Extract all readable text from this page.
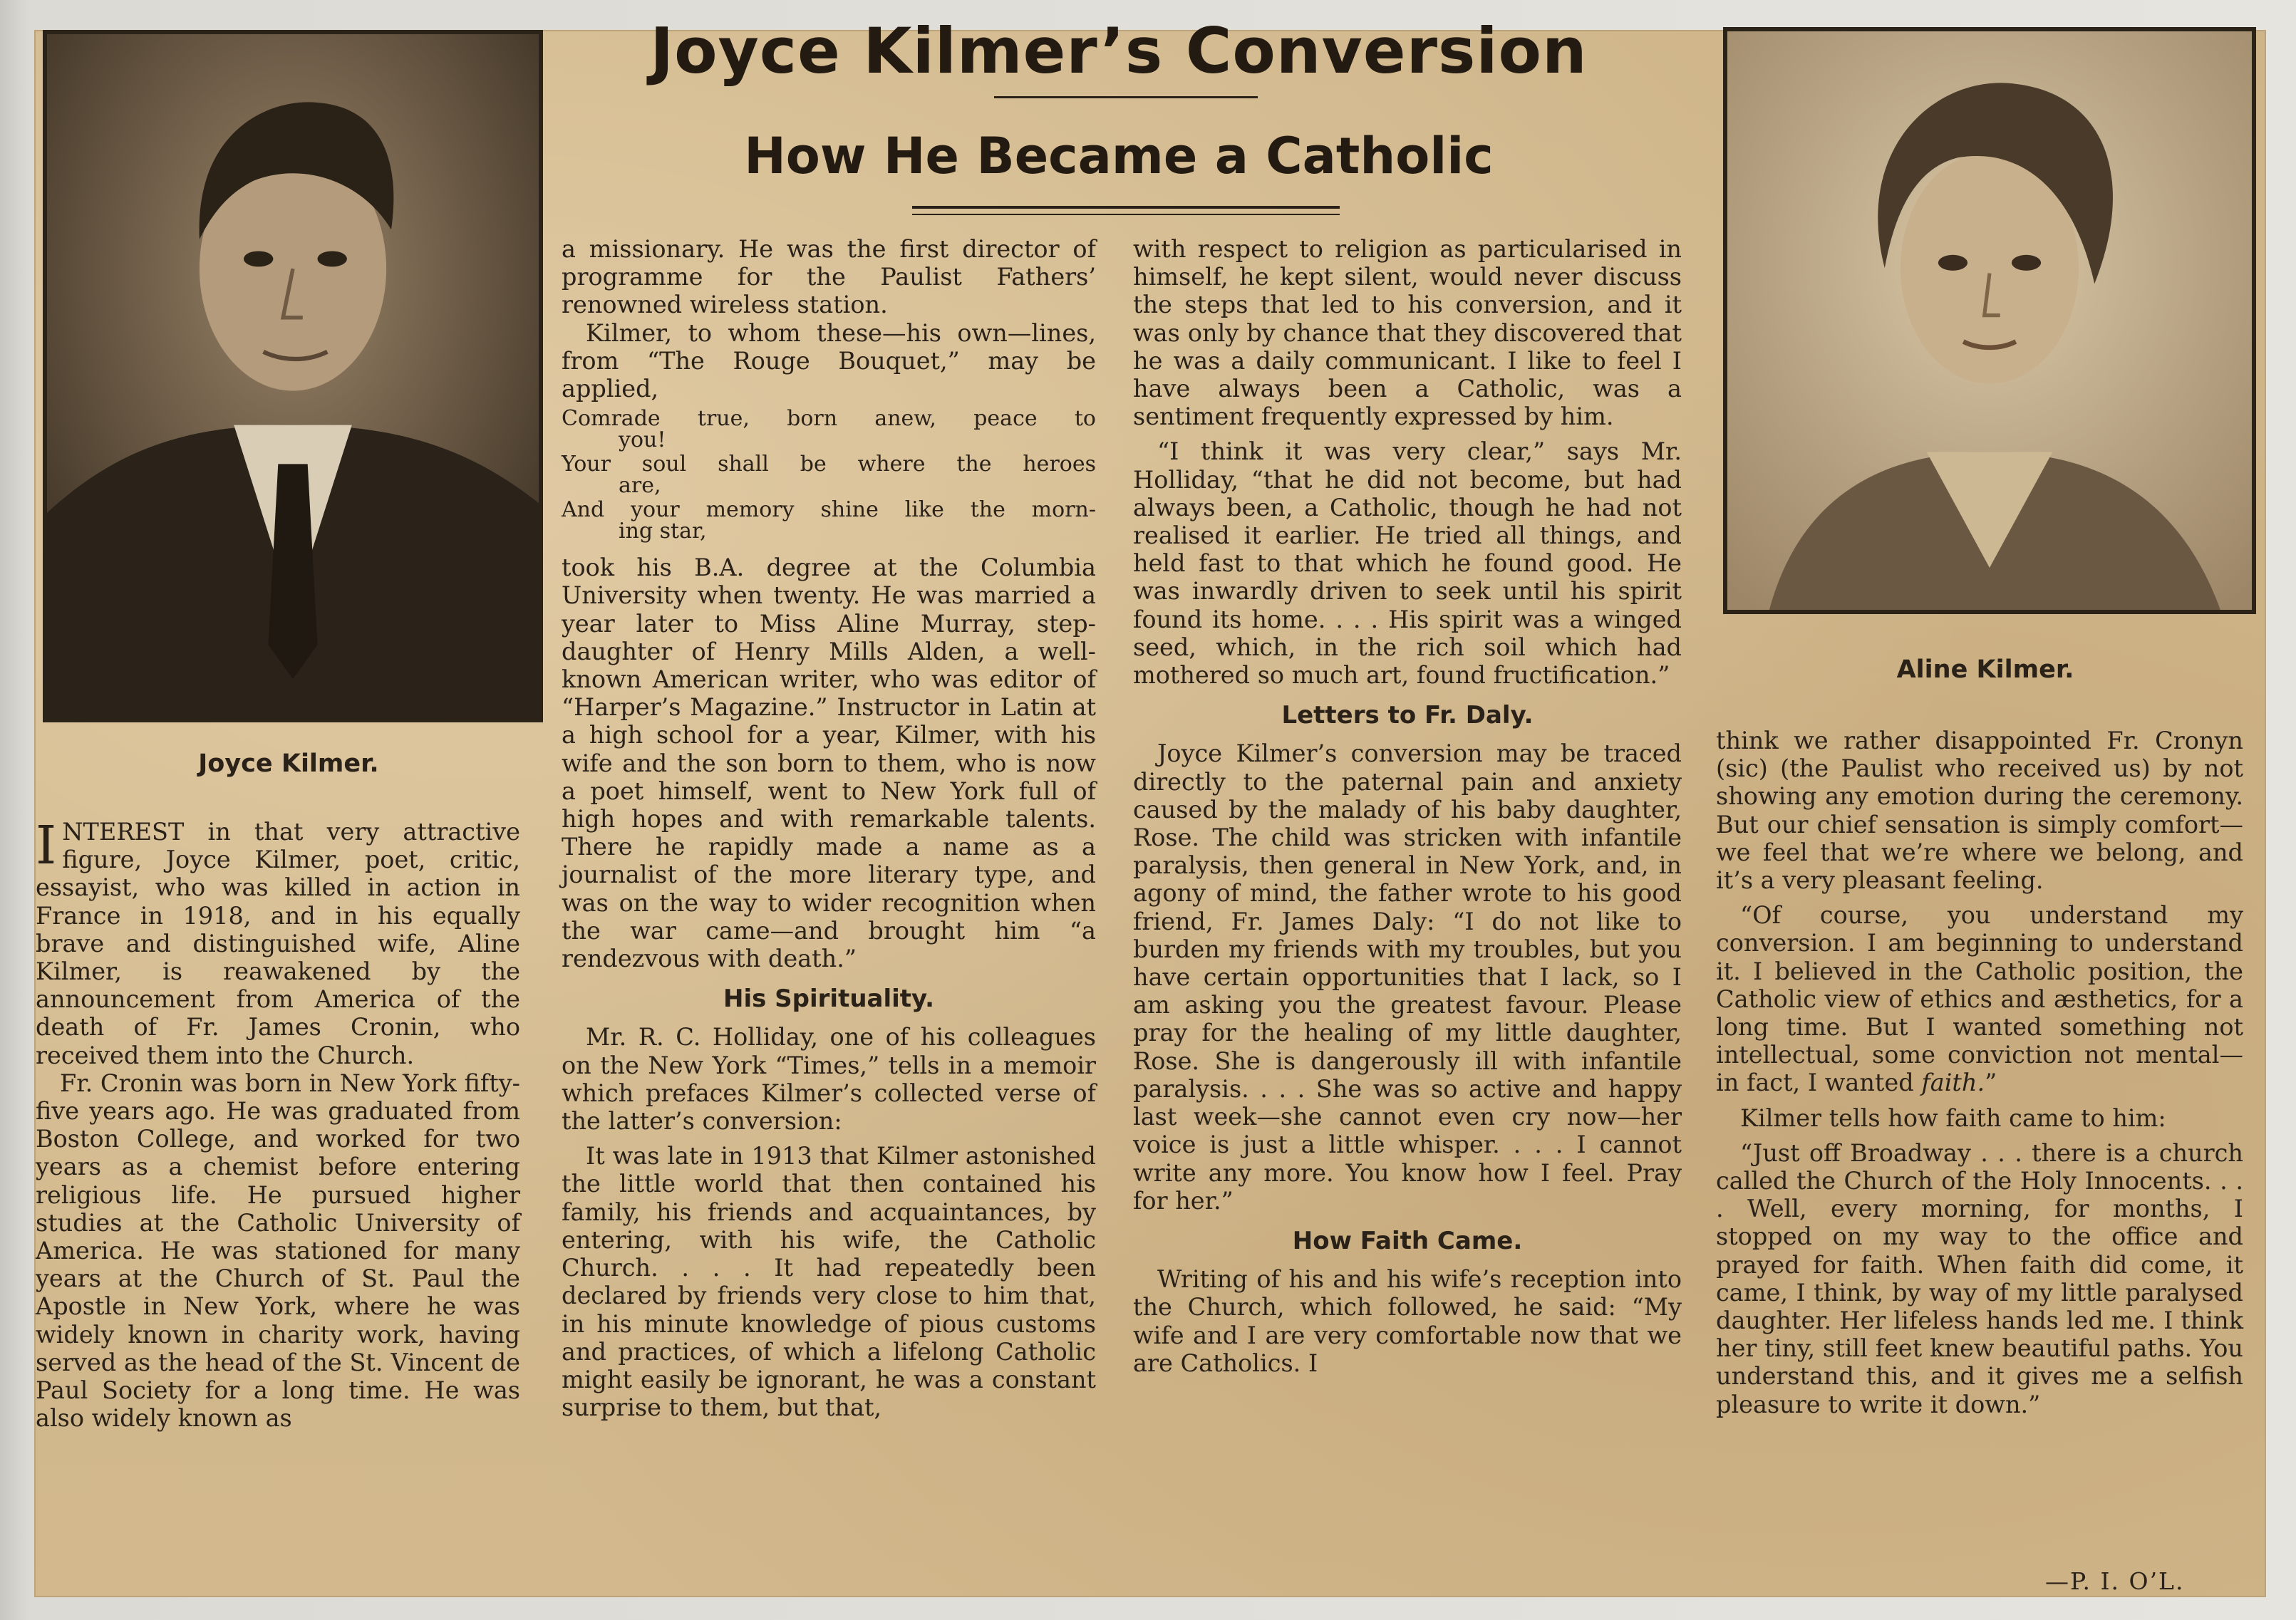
Joyce Kilmer’s Conversion
How He Became a Catholic
Joyce Kilmer.
Aline Kilmer.

INTEREST in that very attractive figure, Joyce Kilmer, poet, critic, essayist, who was killed in action in France in 1918, and in his equally brave and distinguished wife, Aline Kilmer, is reawakened by the announcement from America of the death of Fr. James Cronin, who received them into the Church.

Fr. Cronin was born in New York fifty-five years ago. He was graduated from Boston College, and worked for two years as a chemist before entering religious life. He pursued higher studies at the Catholic University of America. He was stationed for many years at the Church of St. Paul the Apostle in New York, where he was widely known in charity work, having served as the head of the St. Vincent de Paul Society for a long time. He was also widely known as

a missionary. He was the first director of programme for the Paulist Fathers’ renowned wireless station.

Kilmer, to whom these—his own—lines, from “The Rouge Bouquet,” may be applied,

Comrade true, born anew, peace to
you!
Your soul shall be where the heroes
are,
And your memory shine like the morn-
ing star,

took his B.A. degree at the Columbia University when twenty. He was married a year later to Miss Aline Murray, step-daughter of Henry Mills Alden, a well-known American writer, who was editor of “Harper’s Magazine.” Instructor in Latin at a high school for a year, Kilmer, with his wife and the son born to them, who is now a poet himself, went to New York full of high hopes and with remarkable talents. There he rapidly made a name as a journalist of the more literary type, and was on the way to wider recognition when the war came—and brought him “a rendezvous with death.”

His Spirituality.

Mr. R. C. Holliday, one of his colleagues on the New York “Times,” tells in a memoir which prefaces Kilmer’s collected verse of the latter’s conversion:

It was late in 1913 that Kilmer astonished the little world that then contained his family, his friends and acquaintances, by entering, with his wife, the Catholic Church. . . . It had repeatedly been declared by friends very close to him that, in his minute knowledge of pious customs and practices, of which a lifelong Catholic might easily be ignorant, he was a constant surprise to them, but that,

with respect to religion as particularised in himself, he kept silent, would never discuss the steps that led to his conversion, and it was only by chance that they discovered that he was a daily communicant. I like to feel I have always been a Catholic, was a sentiment frequently expressed by him.

“I think it was very clear,” says Mr. Holliday, “that he did not become, but had always been, a Catholic, though he had not realised it earlier. He tried all things, and held fast to that which he found good. He was inwardly driven to seek until his spirit found its home. . . . His spirit was a winged seed, which, in the rich soil which had mothered so much art, found fructification.”

Letters to Fr. Daly.

Joyce Kilmer’s conversion may be traced directly to the paternal pain and anxiety caused by the malady of his baby daughter, Rose. The child was stricken with infantile paralysis, then general in New York, and, in agony of mind, the father wrote to his good friend, Fr. James Daly: “I do not like to burden my friends with my troubles, but you have certain opportunities that I lack, so I am asking you the greatest favour. Please pray for the healing of my little daughter, Rose. She is dangerously ill with infantile paralysis. . . . She was so active and happy last week—she cannot even cry now—her voice is just a little whisper. . . . I cannot write any more. You know how I feel. Pray for her.”

How Faith Came.

Writing of his and his wife’s reception into the Church, which followed, he said: “My wife and I are very comfortable now that we are Catholics. I

think we rather disappointed Fr. Cronyn (sic) (the Paulist who received us) by not showing any emotion during the ceremony. But our chief sensation is simply comfort—we feel that we’re where we belong, and it’s a very pleasant feeling.

“Of course, you understand my conversion. I am beginning to understand it. I believed in the Catholic position, the Catholic view of ethics and æsthetics, for a long time. But I wanted something not intellectual, some conviction not mental—in fact, I wanted faith.”

Kilmer tells how faith came to him:

“Just off Broadway . . . there is a church called the Church of the Holy Innocents. . . . Well, every morning, for months, I stopped on my way to the office and prayed for faith. When faith did come, it came, I think, by way of my little paralysed daughter. Her lifeless hands led me. I think her tiny, still feet knew beautiful paths. You understand this, and it gives me a selfish pleasure to write it down.”

—P. I. O’L.
